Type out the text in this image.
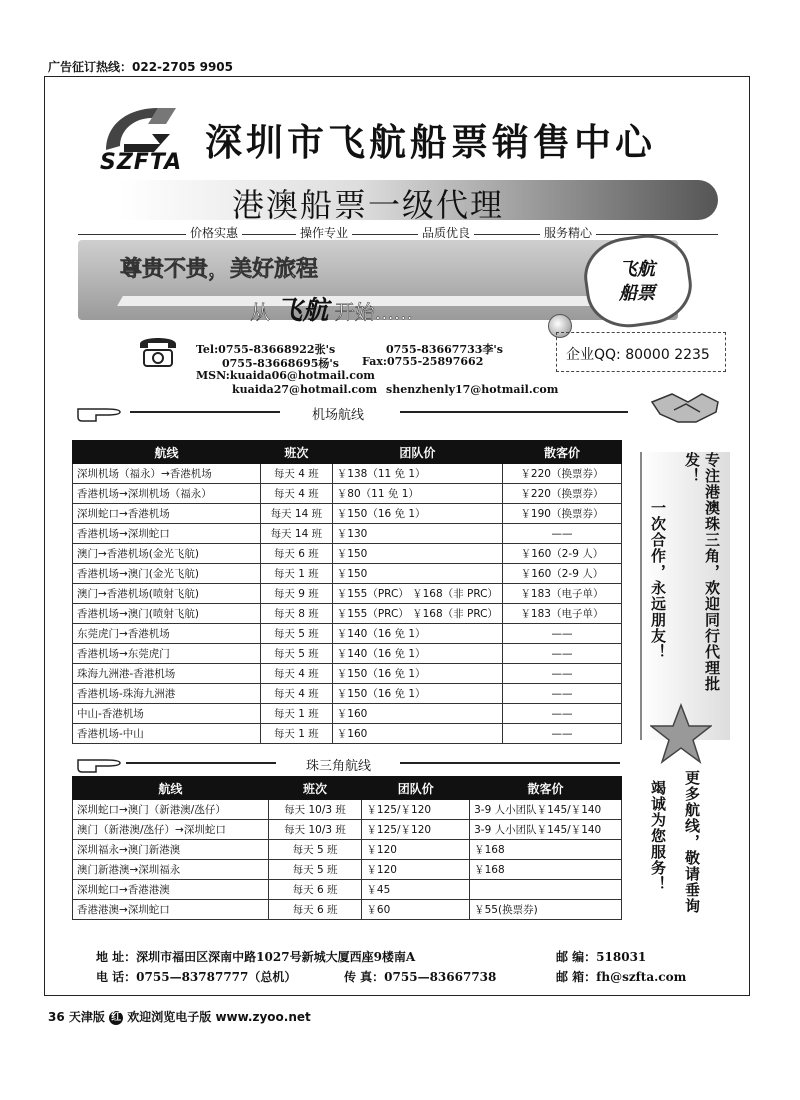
广告征订热线：022-2705 9905
SZFTA 深圳市飞航船票销售中心
港澳船票一级代理
价格实惠	操作专业	品质优良	服务精心
尊贵不贵，美好旅程
从 飞航 开始......
飞航
船票
Tel:0755-83668922张's	0755-83667733李's
0755-83668695杨's Fax:0755-25897662
MSN:kuaida06@hotmail.com
kuaida27@hotmail.com shenzhenly17@hotmail.com
企业QQ: 80000 2235
机场航线
航线	班次	团队价	散客价
深圳机场（福永）→香港机场	每天 4 班	￥138（11 免 1）	￥220（换票券）
香港机场→深圳机场（福永）	每天 4 班	￥80（11 免 1）	￥220（换票券）
深圳蛇口→香港机场	每天 14 班	￥150（16 免 1）	￥190（换票券）
香港机场→深圳蛇口	每天 14 班	￥130	——
澳门→香港机场(金光飞航)	每天 6 班	￥150	￥160（2-9 人）
香港机场→澳门(金光飞航)	每天 1 班	￥150	￥160（2-9 人）
澳门→香港机场(喷射飞航)	每天 9 班	￥155（PRC） ￥168（非 PRC）	￥183（电子单）
香港机场→澳门(喷射飞航)	每天 8 班	￥155（PRC） ￥168（非 PRC）	￥183（电子单）
东莞虎门→香港机场	每天 5 班	￥140（16 免 1）	——
香港机场→东莞虎门	每天 5 班	￥140（16 免 1）	——
珠海九洲港-香港机场	每天 4 班	￥150（16 免 1）	——
香港机场-珠海九洲港	每天 4 班	￥150（16 免 1）	——
中山-香港机场	每天 1 班	￥160	——
香港机场-中山	每天 1 班	￥160	——
专注港澳珠三角，欢迎同行代理批发！
一次合作，永远朋友！
更多航线，敬请垂询
竭诚为您服务！
珠三角航线
航线	班次	团队价	散客价
深圳蛇口→澳门（新港澳/氹仔）	每天 10/3 班	￥125/￥120	3-9 人小团队￥145/￥140
澳门（新港澳/氹仔）→深圳蛇口	每天 10/3 班	￥125/￥120	3-9 人小团队￥145/￥140
深圳福永→澳门新港澳	每天 5 班	￥120	￥168
澳门新港澳→深圳福永	每天 5 班	￥120	￥168
深圳蛇口→香港港澳	每天 6 班	￥45	
香港港澳→深圳蛇口	每天 6 班	￥60	￥55(换票券)
地 址：深圳市福田区深南中路1027号新城大厦西座9楼南A	邮 编：518031
电 话：0755—83787777（总机）	传 真：0755—83667738	邮 箱：fh@szfta.com
36 天津版 红 欢迎浏览电子版 www.zyoo.net
